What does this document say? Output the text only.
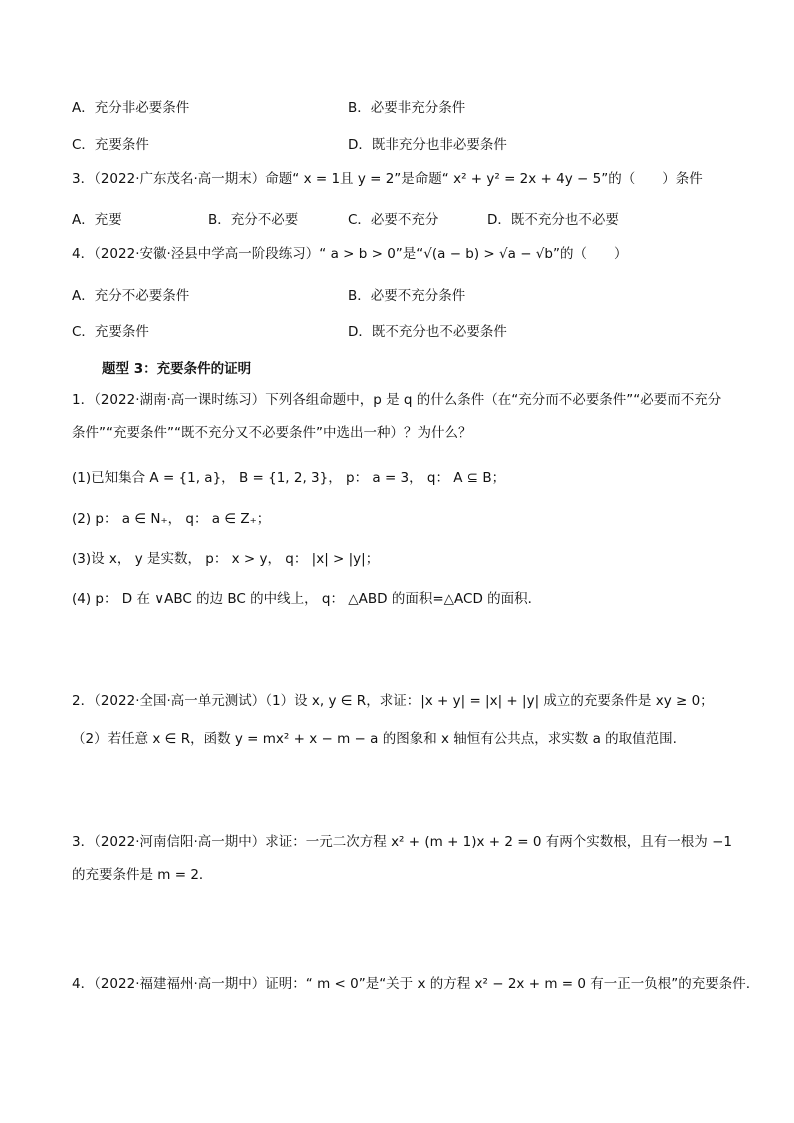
A．充分非必要条件	B．必要非充分条件
C．充要条件	D．既非充分也非必要条件
3．（2022·广东茂名·高一期末）命题“ x = 1且 y = 2”是命题“ x² + y² = 2x + 4y − 5”的（　　）条件
A．充要	B．充分不必要	C．必要不充分	D．既不充分也不必要
4．（2022·安徽·泾县中学高一阶段练习）“ a > b > 0”是“√(a − b) > √a − √b”的（　　）
A．充分不必要条件	B．必要不充分条件
C．充要条件	D．既不充分也不必要条件
题型 3：充要条件的证明
1．（2022·湖南·高一课时练习）下列各组命题中，p 是 q 的什么条件（在“充分而不必要条件”“必要而不充分条件”“充要条件”“既不充分又不必要条件”中选出一种）？为什么？
(1)已知集合 A = {1, a}， B = {1, 2, 3}， p： a = 3， q： A ⊆ B；
(2) p： a ∈ N₊， q： a ∈ Z₊；
(3)设 x， y 是实数， p： x > y， q： |x| > |y|；
(4) p： D 在 ∨ABC 的边 BC 的中线上， q： △ABD 的面积=△ACD 的面积．
2．（2022·全国·高一单元测试）（1）设 x, y ∈ R，求证：|x + y| = |x| + |y| 成立的充要条件是 xy ≥ 0；
（2）若任意 x ∈ R，函数 y = mx² + x − m − a 的图象和 x 轴恒有公共点，求实数 a 的取值范围.
3．（2022·河南信阳·高一期中）求证：一元二次方程 x² + (m + 1)x + 2 = 0 有两个实数根，且有一根为 −1 的充要条件是 m = 2．
4．（2022·福建福州·高一期中）证明：“ m < 0”是“关于 x 的方程 x² − 2x + m = 0 有一正一负根”的充要条件.
